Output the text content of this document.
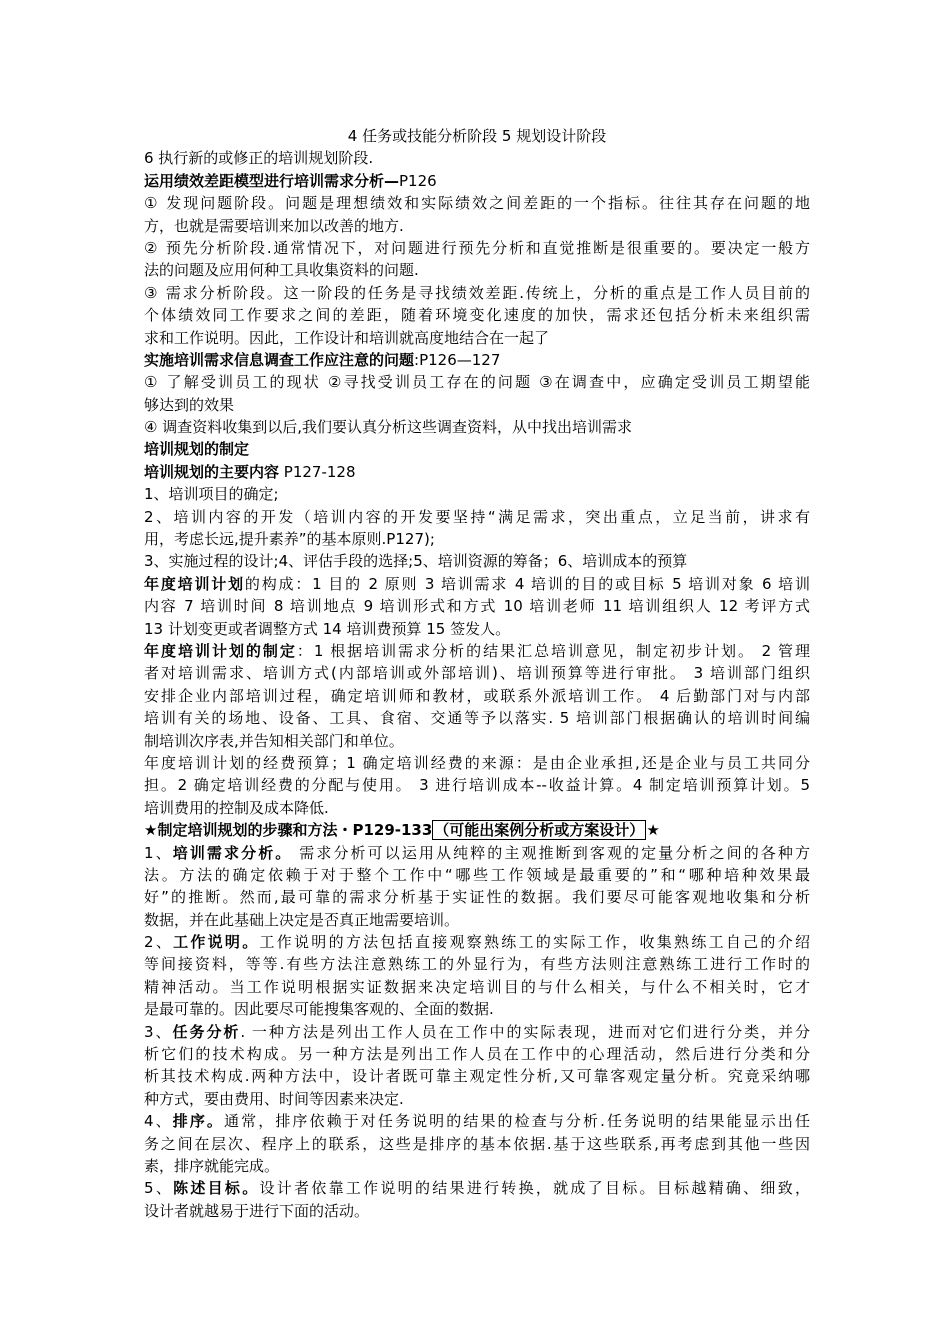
4 任务或技能分析阶段 5 规划设计阶段
6 执行新的或修正的培训规划阶段.
运用绩效差距模型进行培训需求分析—P126
① 发现问题阶段。问题是理想绩效和实际绩效之间差距的一个指标。往往其存在问题的地
方，也就是需要培训来加以改善的地方.
② 预先分析阶段.通常情况下，对问题进行预先分析和直觉推断是很重要的。要决定一般方
法的问题及应用何种工具收集资料的问题.
③ 需求分析阶段。这一阶段的任务是寻找绩效差距.传统上，分析的重点是工作人员目前的
个体绩效同工作要求之间的差距，随着环境变化速度的加快，需求还包括分析未来组织需
求和工作说明。因此，工作设计和培训就高度地结合在一起了
实施培训需求信息调查工作应注意的问题:P126—127
① 了解受训员工的现状 ②寻找受训员工存在的问题 ③在调查中，应确定受训员工期望能
够达到的效果
④ 调查资料收集到以后,我们要认真分析这些调查资料，从中找出培训需求
培训规划的制定
培训规划的主要内容 P127-128
1、培训项目的确定;
2、培训内容的开发（培训内容的开发要坚持“满足需求，突出重点，立足当前，讲求有
用，考虑长远,提升素养”的基本原则.P127);
3、实施过程的设计;4、评估手段的选择;5、培训资源的筹备；6、培训成本的预算
年度培训计划的构成：1 目的 2 原则 3 培训需求 4 培训的目的或目标 5 培训对象 6 培训
内容 7 培训时间 8 培训地点 9 培训形式和方式 10 培训老师 11 培训组织人 12 考评方式
13 计划变更或者调整方式 14 培训费预算 15 签发人。
年度培训计划的制定：1 根据培训需求分析的结果汇总培训意见，制定初步计划。 2 管理
者对培训需求、培训方式(内部培训或外部培训)、培训预算等进行审批。 3 培训部门组织
安排企业内部培训过程，确定培训师和教材，或联系外派培训工作。 4 后勤部门对与内部
培训有关的场地、设备、工具、食宿、交通等予以落实. 5 培训部门根据确认的培训时间编
制培训次序表,并告知相关部门和单位。
年度培训计划的经费预算；1 确定培训经费的来源：是由企业承担,还是企业与员工共同分
担。2 确定培训经费的分配与使用。 3 进行培训成本--收益计算。4 制定培训预算计划。5
培训费用的控制及成本降低.
★制定培训规划的步骤和方法・P129-133 （可能出案例分析或方案设计） ★
1、培训需求分析。 需求分析可以运用从纯粹的主观推断到客观的定量分析之间的各种方
法。方法的确定依赖于对于整个工作中“哪些工作领域是最重要的”和“哪种培种效果最
好”的推断。然而,最可靠的需求分析基于实证性的数据。我们要尽可能客观地收集和分析
数据，并在此基础上决定是否真正地需要培训。
2、工作说明。工作说明的方法包括直接观察熟练工的实际工作，收集熟练工自己的介绍
等间接资料，等等.有些方法注意熟练工的外显行为，有些方法则注意熟练工进行工作时的
精神活动。当工作说明根据实证数据来决定培训目的与什么相关，与什么不相关时，它才
是最可靠的。因此要尽可能搜集客观的、全面的数据.
3、任务分析. 一种方法是列出工作人员在工作中的实际表现，进而对它们进行分类，并分
析它们的技术构成。另一种方法是列出工作人员在工作中的心理活动，然后进行分类和分
析其技术构成.两种方法中，设计者既可靠主观定性分析,又可靠客观定量分析。究竟采纳哪
种方式，要由费用、时间等因素来决定.
4、排序。通常，排序依赖于对任务说明的结果的检查与分析.任务说明的结果能显示出任
务之间在层次、程序上的联系，这些是排序的基本依据.基于这些联系,再考虑到其他一些因
素，排序就能完成。
5、陈述目标。设计者依靠工作说明的结果进行转换，就成了目标。目标越精确、细致，
设计者就越易于进行下面的活动。
